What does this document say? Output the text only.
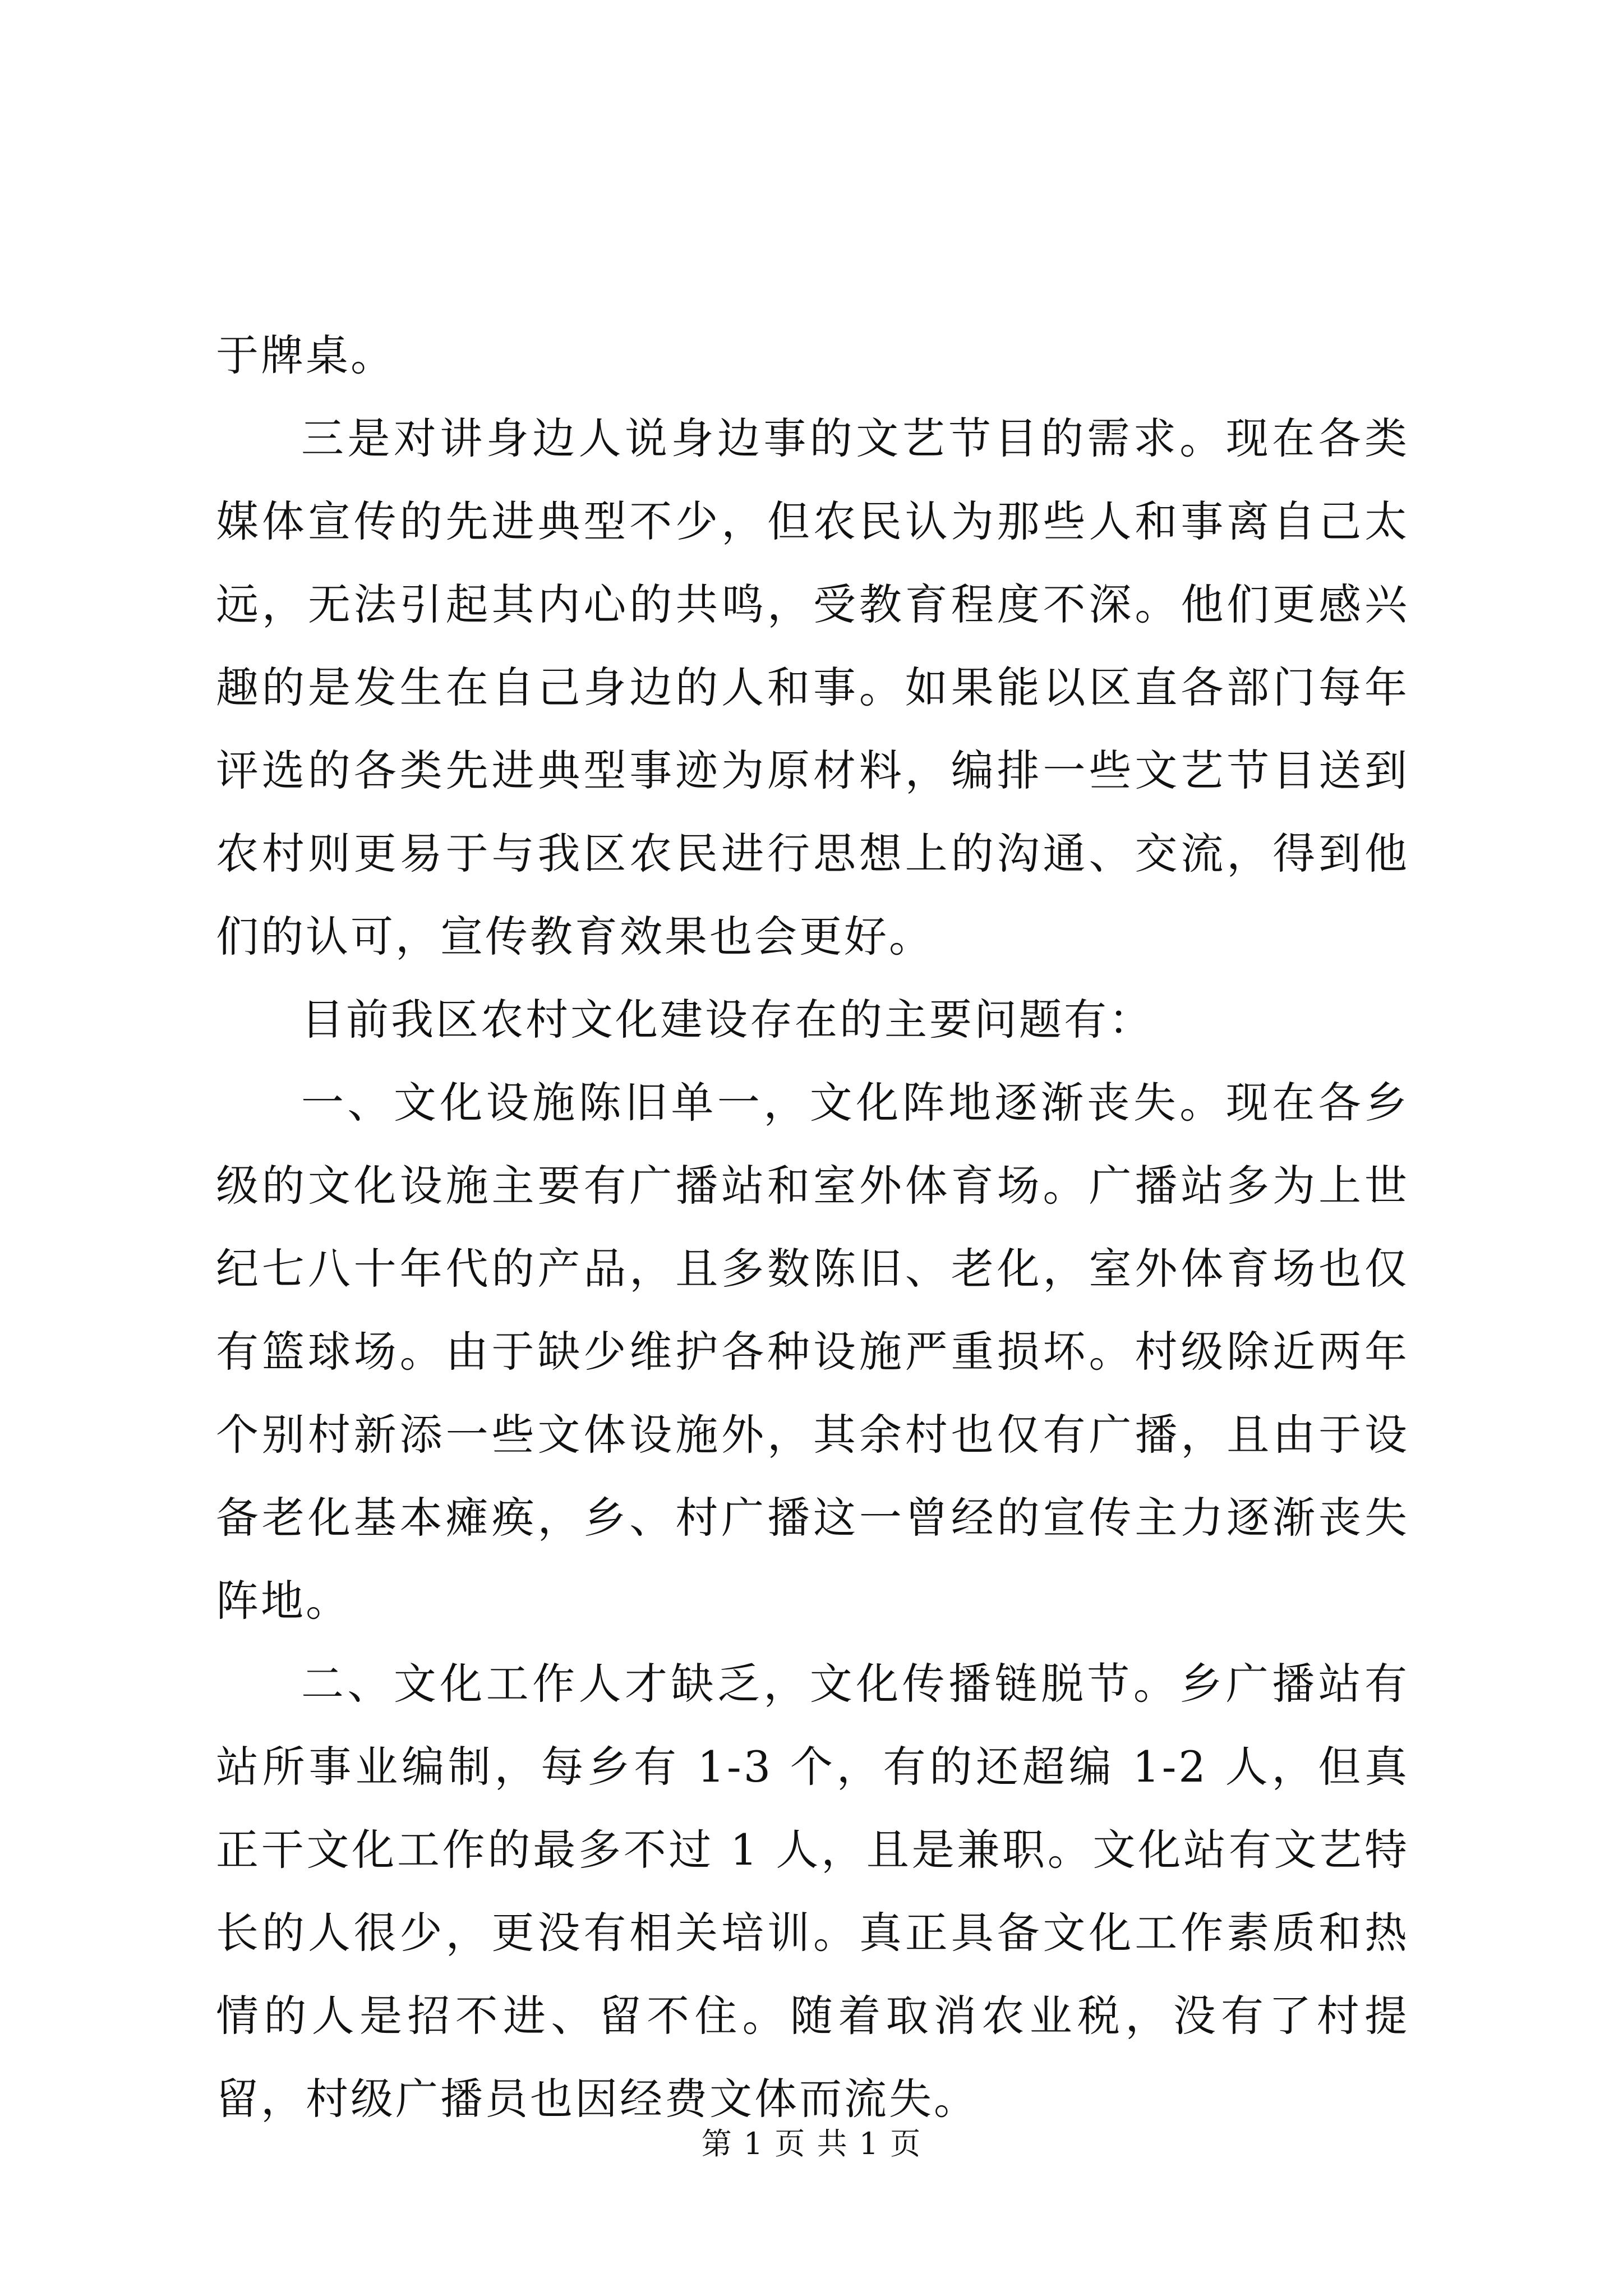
于牌桌。

三是对讲身边人说身边事的文艺节目的需求。现在各类媒体宣传的先进典型不少，但农民认为那些人和事离自己太远，无法引起其内心的共鸣，受教育程度不深。他们更感兴趣的是发生在自己身边的人和事。如果能以区直各部门每年评选的各类先进典型事迹为原材料，编排一些文艺节目送到农村则更易于与我区农民进行思想上的沟通、交流，得到他们的认可，宣传教育效果也会更好。

目前我区农村文化建设存在的主要问题有：

一、文化设施陈旧单一，文化阵地逐渐丧失。现在各乡级的文化设施主要有广播站和室外体育场。广播站多为上世纪七八十年代的产品，且多数陈旧、老化，室外体育场也仅有篮球场。由于缺少维护各种设施严重损坏。村级除近两年个别村新添一些文体设施外，其余村也仅有广播，且由于设备老化基本瘫痪，乡、村广播这一曾经的宣传主力逐渐丧失阵地。

二、文化工作人才缺乏，文化传播链脱节。乡广播站有站所事业编制，每乡有 1-3 个，有的还超编 1-2 人，但真正干文化工作的最多不过 1 人，且是兼职。文化站有文艺特长的人很少，更没有相关培训。真正具备文化工作素质和热情的人是招不进、留不住。随着取消农业税，没有了村提留，村级广播员也因经费文体而流失。

第 1 页 共 1 页
